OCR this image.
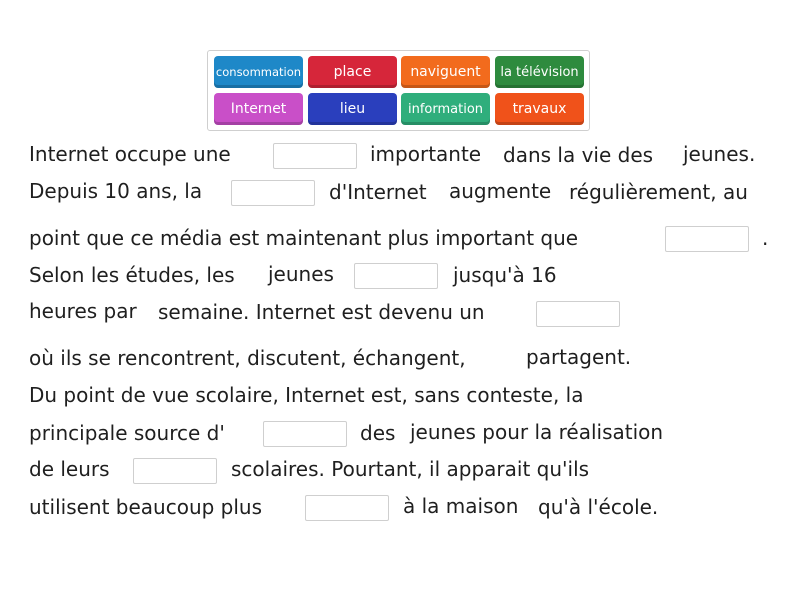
consommation	place	naviguent	la télévision
Internet	lieu	information	travaux
Internet occupe une	importante dans la vie des jeunes.
Depuis 10 ans, la	d'Internet augmente régulièrement, au
point que ce média est maintenant plus important que	.
Selon les études, les jeunes	jusqu'à 16
heures par semaine. Internet est devenu un
où ils se rencontrent, discutent, échangent,	partagent.
Du point de vue scolaire, Internet est, sans conteste, la
principale source d'	des jeunes pour la réalisation
de leurs	scolaires. Pourtant, il apparait qu'ils
utilisent beaucoup plus	à la maison qu'à l'école.
